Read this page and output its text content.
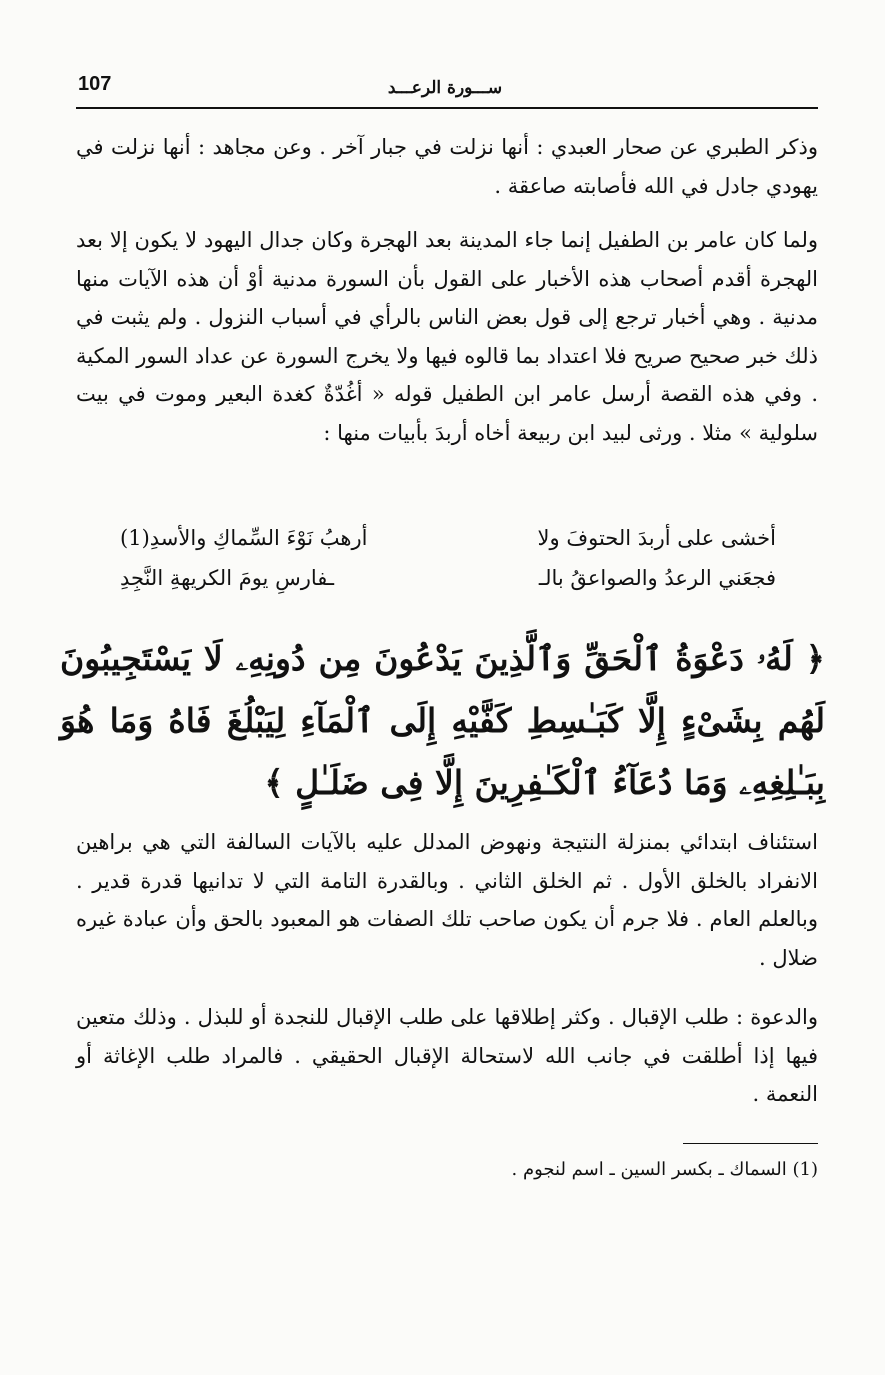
107	ســـورة الرعـــد

وذكر الطبري عن صحار العبدي : أنها نزلت في جبار آخر . وعن مجاهد : أنها نزلت في يهودي جادل في الله فأصابته صاعقة .

ولما كان عامر بن الطفيل إنما جاء المدينة بعد الهجرة وكان جدال اليهود لا يكون إلا بعد الهجرة أقدم أصحاب هذه الأخبار على القول بأن السورة مدنية أوْ أن هذه الآيات منها مدنية . وهي أخبار ترجع إلى قول بعض الناس بالرأي في أسباب النزول . ولم يثبت في ذلك خبر صحيح صريح فلا اعتداد بما قالوه فيها ولا يخرج السورة عن عداد السور المكية . وفي هذه القصة أرسل عامر ابن الطفيل قوله « أغُدّةٌ كغدة البعير وموت في بيت سلولية » مثلا . ورثى لبيد ابن ربيعة أخاه أربدَ بأبيات منها :

أخشى على أربدَ الحتوفَ ولا
أرهبُ نَوْءَ السِّماكِ والأسدِ(1)
فجعَني الرعدُ والصواعقُ بالـ
ـفارسِ يومَ الكريهةِ النَّجِدِ

﴿ لَهُۥ دَعْوَةُ ٱلْحَقِّ وَٱلَّذِينَ يَدْعُونَ مِن دُونِهِۦ لَا يَسْتَجِيبُونَ لَهُم بِشَىْءٍ إِلَّا كَبَـٰسِطِ كَفَّيْهِ إِلَى ٱلْمَآءِ لِيَبْلُغَ فَاهُ وَمَا هُوَ بِبَـٰلِغِهِۦ وَمَا دُعَآءُ ٱلْكَـٰفِرِينَ إِلَّا فِى ضَلَـٰلٍ ﴾

استئناف ابتدائي بمنزلة النتيجة ونهوض المدلل عليه بالآيات السالفة التي هي براهين الانفراد بالخلق الأول . ثم الخلق الثاني . وبالقدرة التامة التي لا تدانيها قدرة قدير . وبالعلم العام . فلا جرم أن يكون صاحب تلك الصفات هو المعبود بالحق وأن عبادة غيره ضلال .

والدعوة : طلب الإقبال . وكثر إطلاقها على طلب الإقبال للنجدة أو للبذل . وذلك متعين فيها إذا أطلقت في جانب الله لاستحالة الإقبال الحقيقي . فالمراد طلب الإغاثة أو النعمة .

(1) السماك ـ بكسر السين ـ اسم لنجوم .
